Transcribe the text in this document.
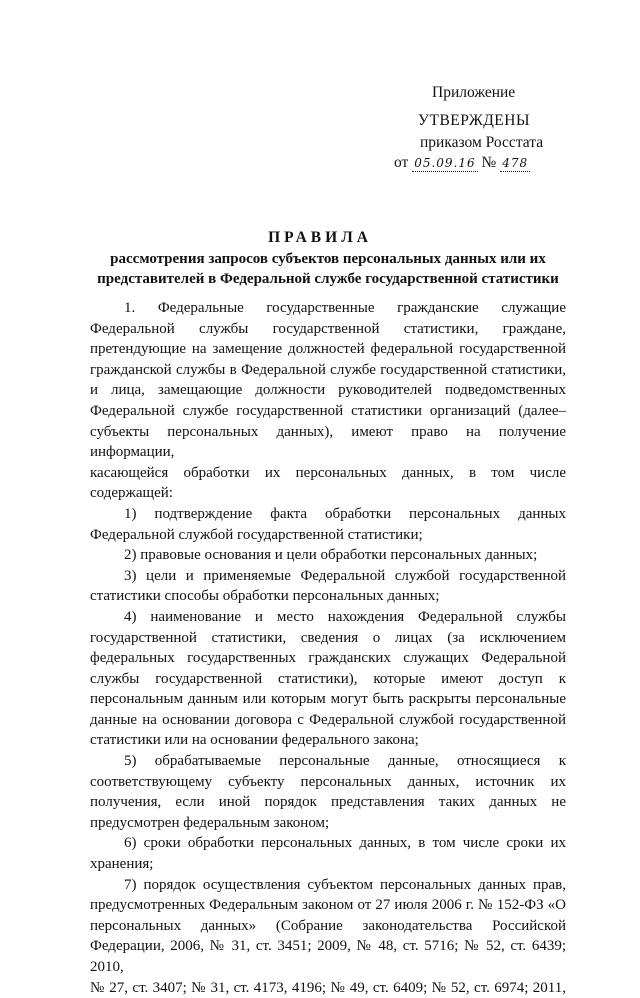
Приложение
УТВЕРЖДЕНЫ
приказом Росстата
от 05.09.16 № 478
ПРАВИЛА
рассмотрения запросов субъектов персональных данных или их
представителей в Федеральной службе государственной статистики

1. Федеральные государственные гражданские служащие

Федеральной службы государственной статистики, граждане,

претендующие на замещение должностей федеральной государственной

гражданской службы в Федеральной службе государственной статистики,

и лица, замещающие должности руководителей подведомственных

Федеральной службе государственной статистики организаций (далее–

субъекты персональных данных), имеют право на получение информации,

касающейся обработки их персональных данных, в том числе содержащей:

1) подтверждение факта обработки персональных данных

Федеральной службой государственной статистики;

2) правовые основания и цели обработки персональных данных;

3) цели и применяемые Федеральной службой государственной

статистики способы обработки персональных данных;

4) наименование и место нахождения Федеральной службы

государственной статистики, сведения о лицах (за исключением

федеральных государственных гражданских служащих Федеральной

службы государственной статистики), которые имеют доступ к

персональным данным или которым могут быть раскрыты персональные

данные на основании договора с Федеральной службой государственной

статистики или на основании федерального закона;

5) обрабатываемые персональные данные, относящиеся к

соответствующему субъекту персональных данных, источник их

получения, если иной порядок представления таких данных не

предусмотрен федеральным законом;

6) сроки обработки персональных данных, в том числе сроки их

хранения;

7) порядок осуществления субъектом персональных данных прав,

предусмотренных Федеральным законом от 27 июля 2006 г. № 152-ФЗ «О

персональных данных» (Собрание законодательства Российской

Федерации, 2006, № 31, ст. 3451; 2009, № 48, ст. 5716; № 52, ст. 6439; 2010,

№ 27, ст. 3407; № 31, ст. 4173, 4196; № 49, ст. 6409; № 52, ст. 6974; 2011,
